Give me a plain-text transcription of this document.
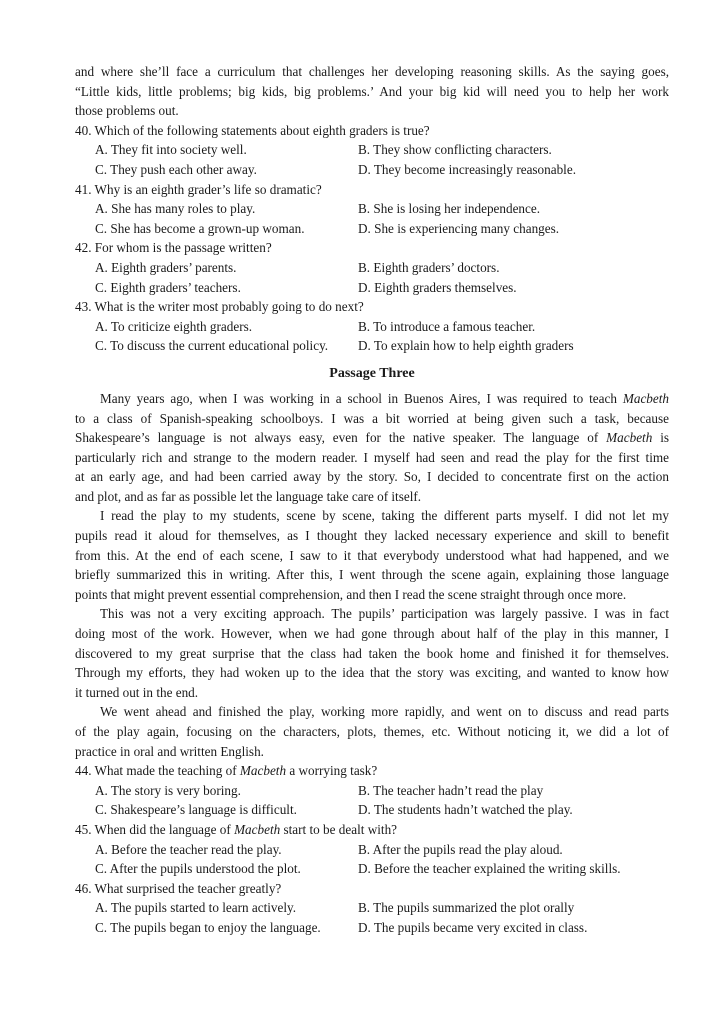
and where she’ll face a curriculum that challenges her developing reasoning skills. As the saying goes,
“Little kids, little problems; big kids, big problems.’ And your big kid will need you to help her work
those problems out.
40. Which of the following statements about eighth graders is true?
A. They fit into society well.	B. They show conflicting characters.
C. They push each other away.	D. They become increasingly reasonable.
41. Why is an eighth grader’s life so dramatic?
A. She has many roles to play.	B. She is losing her independence.
C. She has become a grown-up woman.	D. She is experiencing many changes.
42. For whom is the passage written?
A. Eighth graders’ parents.	B. Eighth graders’ doctors.
C. Eighth graders’ teachers.	D. Eighth graders themselves.
43. What is the writer most probably going to do next?
A. To criticize eighth graders.	B. To introduce a famous teacher.
C. To discuss the current educational policy.	D. To explain how to help eighth graders
Passage Three
Many years ago, when I was working in a school in Buenos Aires, I was required to teach Macbeth
to a class of Spanish-speaking schoolboys. I was a bit worried at being given such a task, because
Shakespeare’s language is not always easy, even for the native speaker. The language of Macbeth is
particularly rich and strange to the modern reader. I myself had seen and read the play for the first time
at an early age, and had been carried away by the story. So, I decided to concentrate first on the action
and plot, and as far as possible let the language take care of itself.
I read the play to my students, scene by scene, taking the different parts myself. I did not let my
pupils read it aloud for themselves, as I thought they lacked necessary experience and skill to benefit
from this. At the end of each scene, I saw to it that everybody understood what had happened, and we
briefly summarized this in writing. After this, I went through the scene again, explaining those language
points that might prevent essential comprehension, and then I read the scene straight through once more.
This was not a very exciting approach. The pupils’ participation was largely passive. I was in fact
doing most of the work. However, when we had gone through about half of the play in this manner, I
discovered to my great surprise that the class had taken the book home and finished it for themselves.
Through my efforts, they had woken up to the idea that the story was exciting, and wanted to know how
it turned out in the end.
We went ahead and finished the play, working more rapidly, and went on to discuss and read parts
of the play again, focusing on the characters, plots, themes, etc. Without noticing it, we did a lot of
practice in oral and written English.
44. What made the teaching of Macbeth a worrying task?
A. The story is very boring.	B. The teacher hadn’t read the play
C. Shakespeare’s language is difficult.	D. The students hadn’t watched the play.
45. When did the language of Macbeth start to be dealt with?
A. Before the teacher read the play.	B. After the pupils read the play aloud.
C. After the pupils understood the plot.	D. Before the teacher explained the writing skills.
46. What surprised the teacher greatly?
A. The pupils started to learn actively.	B. The pupils summarized the plot orally
C. The pupils began to enjoy the language.	D. The pupils became very excited in class.
